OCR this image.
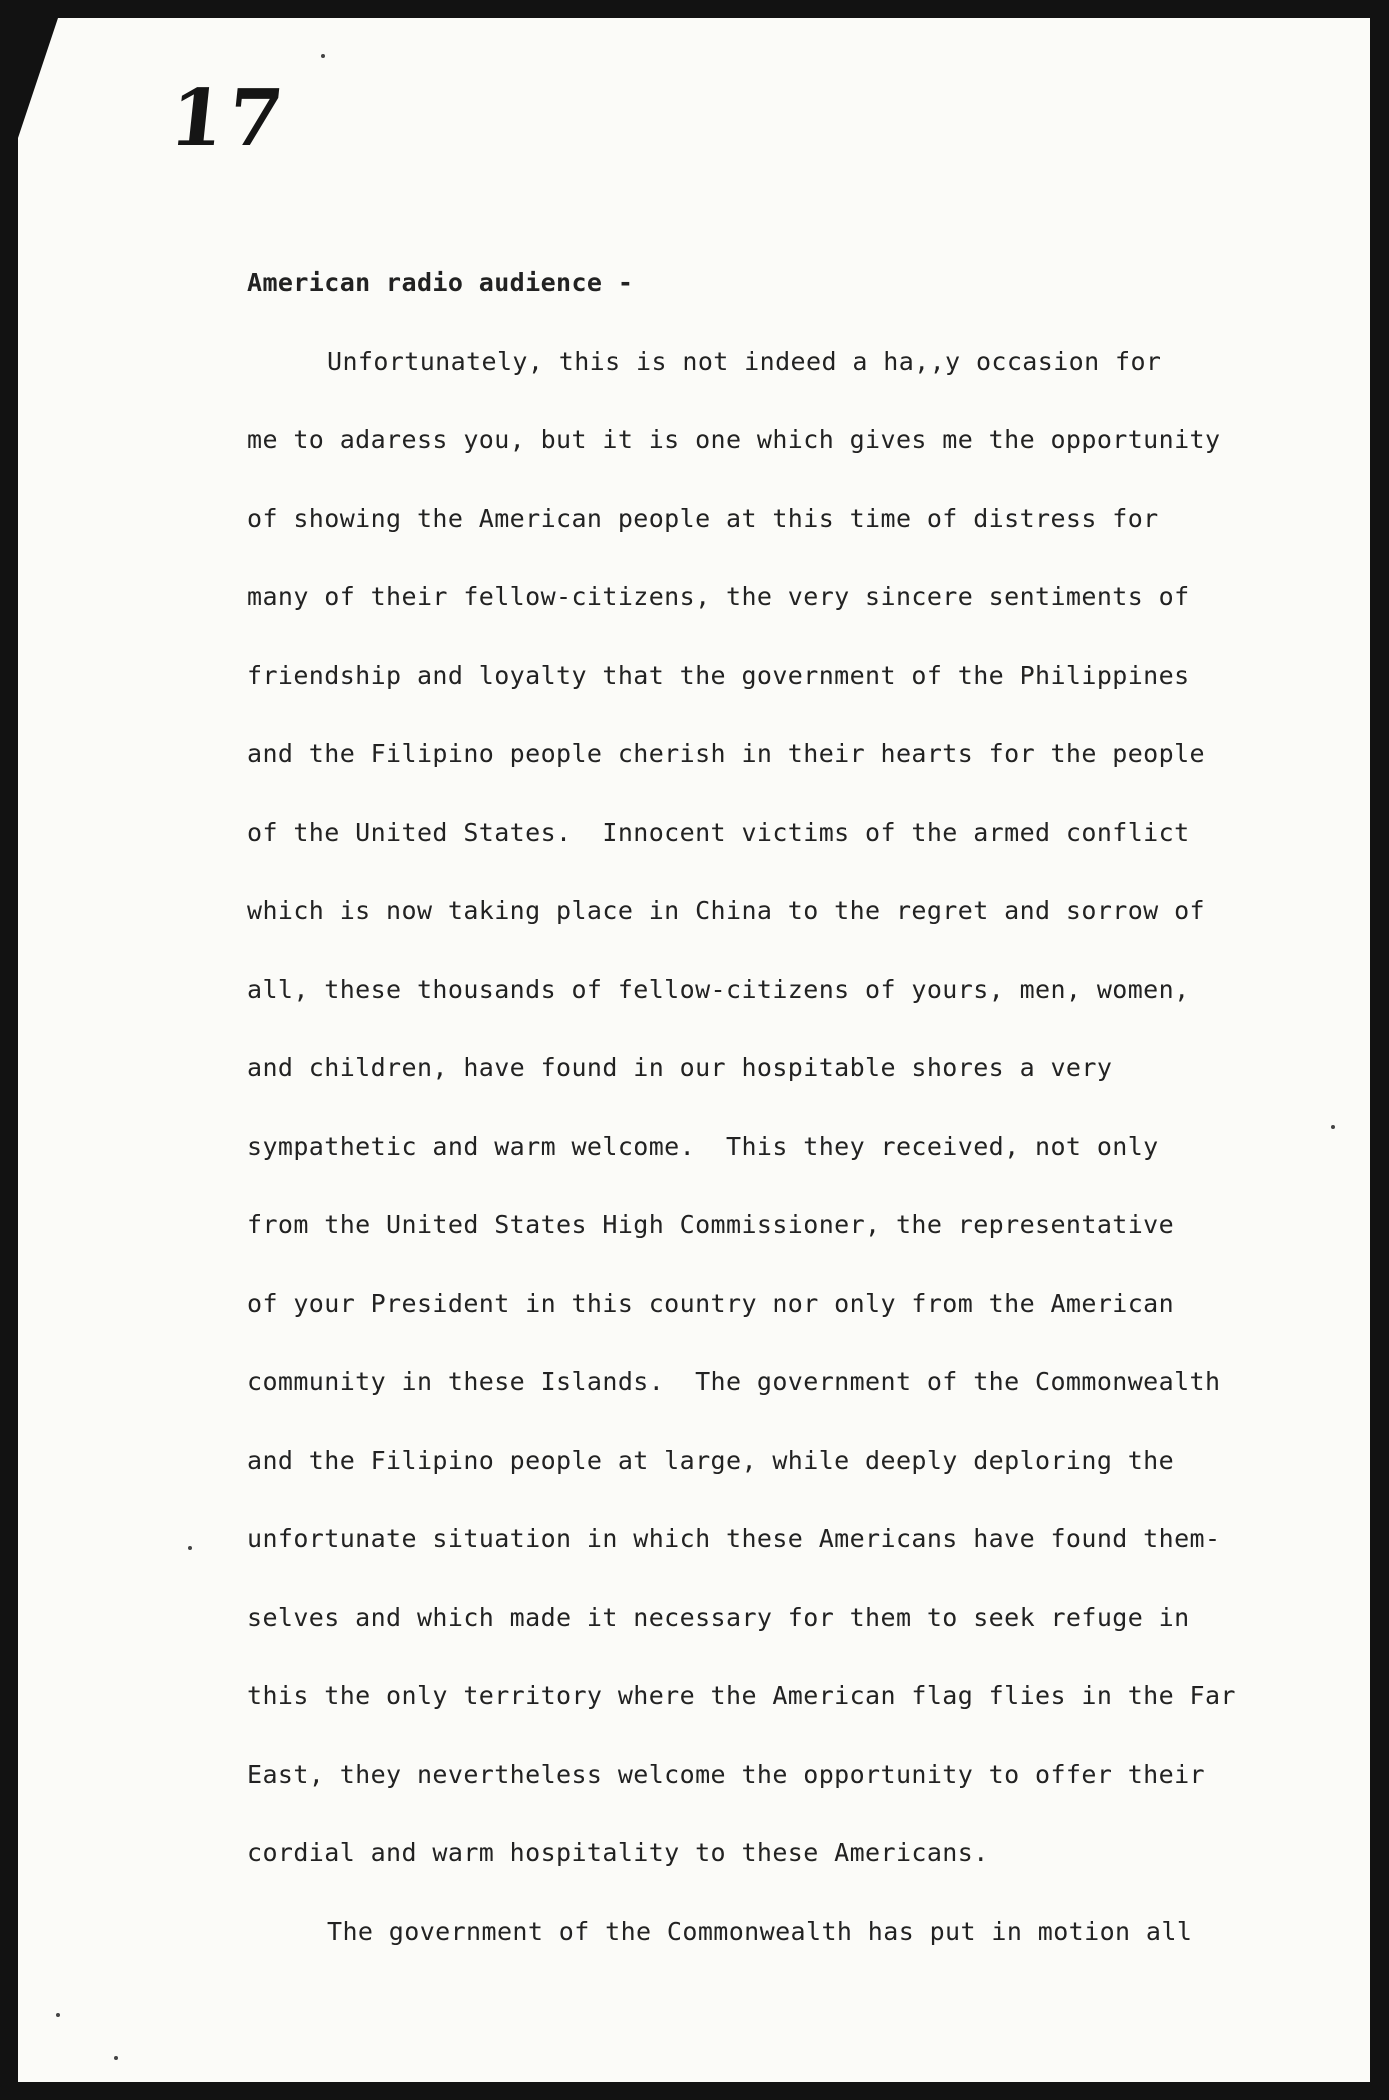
17
American radio audience -
Unfortunately, this is not indeed a ha,,y occasion for
me to adaress you, but it is one which gives me the opportunity
of showing the American people at this time of distress for
many of their fellow-citizens, the very sincere sentiments of
friendship and loyalty that the government of the Philippines
and the Filipino people cherish in their hearts for the people
of the United States.  Innocent victims of the armed conflict
which is now taking place in China to the regret and sorrow of
all, these thousands of fellow-citizens of yours, men, women,
and children, have found in our hospitable shores a very
sympathetic and warm welcome.  This they received, not only
from the United States High Commissioner, the representative
of your President in this country nor only from the American
community in these Islands.  The government of the Commonwealth
and the Filipino people at large, while deeply deploring the
unfortunate situation in which these Americans have found them-
selves and which made it necessary for them to seek refuge in
this the only territory where the American flag flies in the Far
East, they nevertheless welcome the opportunity to offer their
cordial and warm hospitality to these Americans.
The government of the Commonwealth has put in motion all
